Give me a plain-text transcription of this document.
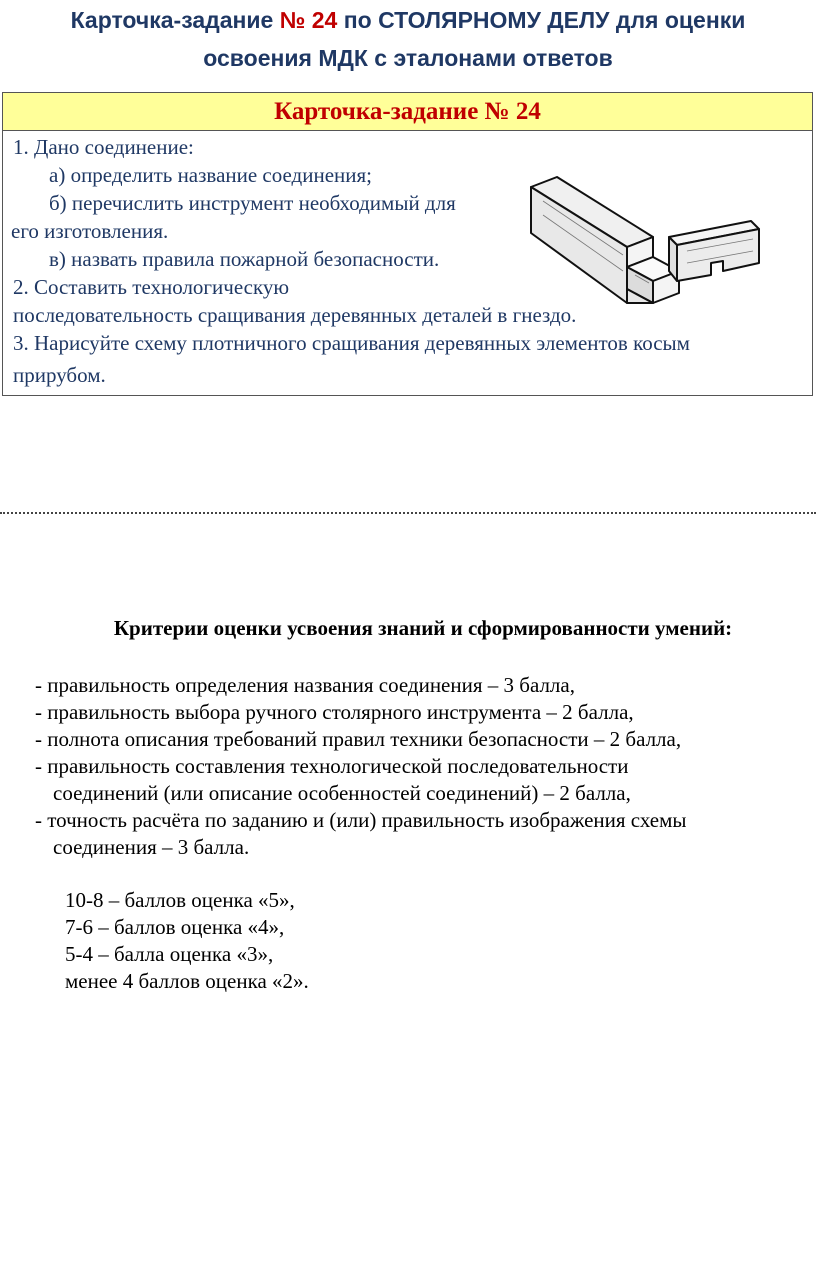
Карточка-задание № 24 по СТОЛЯРНОМУ ДЕЛУ для оценки
освоения МДК с эталонами ответов
Карточка-задание № 24
1. Дано соединение:
а) определить название соединения;
б) перечислить инструмент необходимый для
его изготовления.
в) назвать правила пожарной безопасности.
2. Составить технологическую
последовательность сращивания деревянных деталей в гнездо.
3. Нарисуйте схему плотничного сращивания деревянных элементов косым
прирубом.
Критерии оценки усвоения знаний и сформированности умений:
- правильность определения названия соединения – 3 балла,
- правильность выбора ручного столярного инструмента – 2 балла,
- полнота описания требований правил техники безопасности – 2 балла,
- правильность составления технологической последовательности
соединений (или описание особенностей соединений) – 2 балла,
- точность расчёта по заданию и (или) правильность изображения схемы
соединения – 3 балла.
10-8 – баллов оценка «5»,
7-6 – баллов оценка «4»,
5-4 – балла оценка «3»,
менее 4 баллов оценка «2».
